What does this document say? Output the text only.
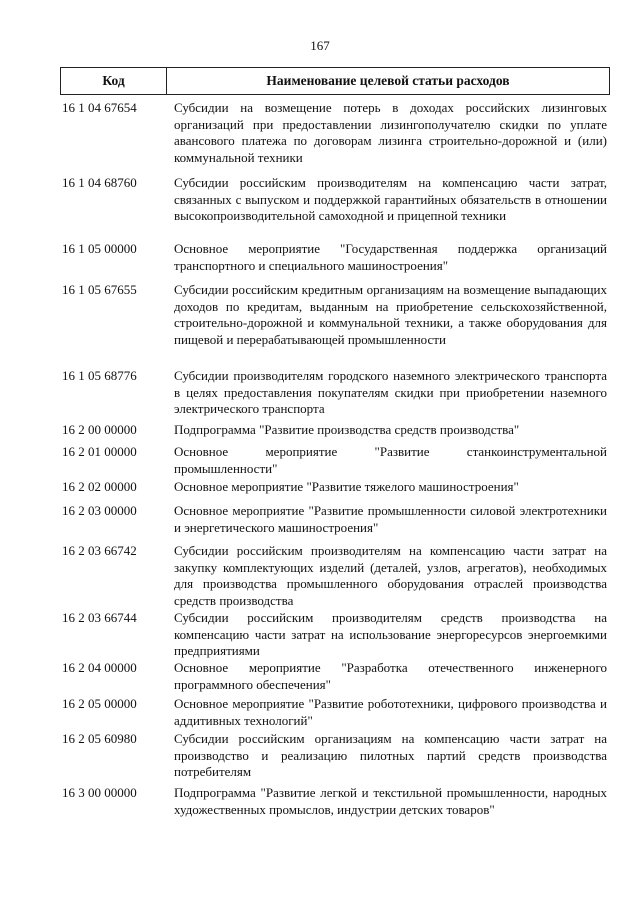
167
Код	Наименование целевой статьи расходов
16 1 04 67654	Субсидии на возмещение потерь в доходах российских лизинговых организаций при предоставлении лизингополучателю скидки по уплате авансового платежа по договорам лизинга строительно-дорожной и (или) коммунальной техники
16 1 04 68760	Субсидии российским производителям на компенсацию части затрат, связанных с выпуском и поддержкой гарантийных обязательств в отношении высокопроизводительной самоходной и прицепной техники
16 1 05 00000	Основное мероприятие "Государственная поддержка организаций транспортного и специального машиностроения"
16 1 05 67655	Субсидии российским кредитным организациям на возмещение выпадающих доходов по кредитам, выданным на приобретение сельскохозяйственной, строительно-дорожной и коммунальной техники, а также оборудования для пищевой и перерабатывающей промышленности
16 1 05 68776	Субсидии производителям городского наземного электрического транспорта в целях предоставления покупателям скидки при приобретении наземного электрического транспорта
16 2 00 00000	Подпрограмма "Развитие производства средств производства"
16 2 01 00000	Основное мероприятие "Развитие станкоинструментальной промышленности"
16 2 02 00000	Основное мероприятие "Развитие тяжелого машиностроения"
16 2 03 00000	Основное мероприятие "Развитие промышленности силовой электротехники и энергетического машиностроения"
16 2 03 66742	Субсидии российским производителям на компенсацию части затрат на закупку комплектующих изделий (деталей, узлов, агрегатов), необходимых для производства промышленного оборудования отраслей производства средств производства
16 2 03 66744	Субсидии российским производителям средств производства на компенсацию части затрат на использование энергоресурсов энергоемкими предприятиями
16 2 04 00000	Основное мероприятие "Разработка отечественного инженерного программного обеспечения"
16 2 05 00000	Основное мероприятие "Развитие робототехники, цифрового производства и аддитивных технологий"
16 2 05 60980	Субсидии российским организациям на компенсацию части затрат на производство и реализацию пилотных партий средств производства потребителям
16 3 00 00000	Подпрограмма "Развитие легкой и текстильной промышленности, народных художественных промыслов, индустрии детских товаров"
